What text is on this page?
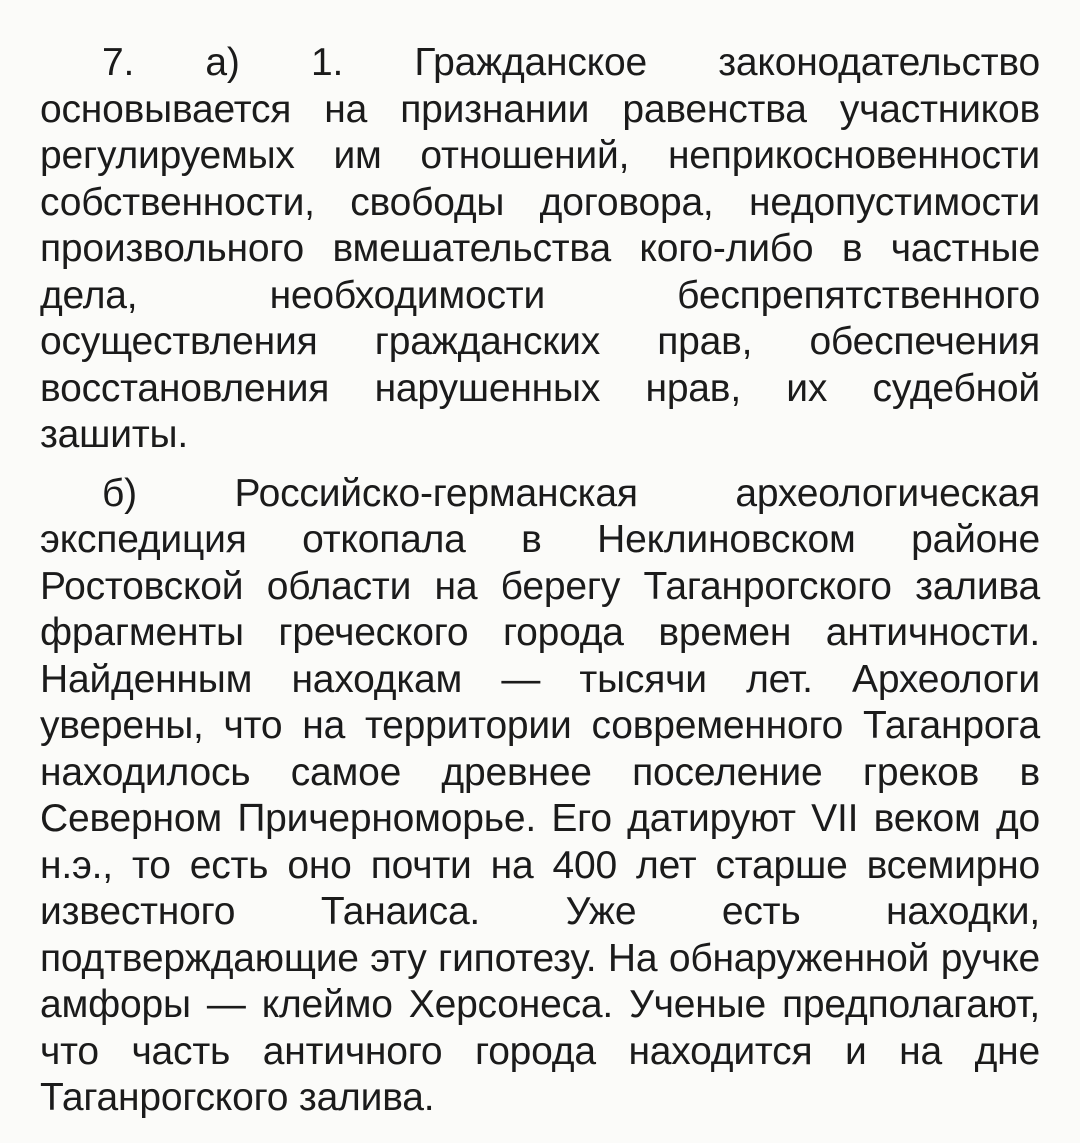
7. а) 1. Гражданское законодательство основывается на признании равенства участников регулируемых им отношений, неприкосновенности собственности, свободы договора, недопустимости произвольного вмешательства кого-либо в частные дела, необходимости беспрепятственного осуществления гражданских прав, обеспечения восстановления нарушенных нрав, их судебной зашиты.

б) Российско-германская археологическая экспедиция откопала в Неклиновском районе Ростовской области на берегу Таганрогского залива фрагменты греческого города времен античности. Найденным находкам — тысячи лет. Археологи уверены, что на территории современного Таганрога находилось самое древнее поселение греков в Северном Причерноморье. Его датируют VII веком до н.э., то есть оно почти на 400 лет старше всемирно известного Танаиса. Уже есть находки, подтверждающие эту гипотезу. На обнаруженной ручке амфоры — клеймо Херсонеса. Ученые предполагают, что часть античного города находится и на дне Таганрогского залива.
